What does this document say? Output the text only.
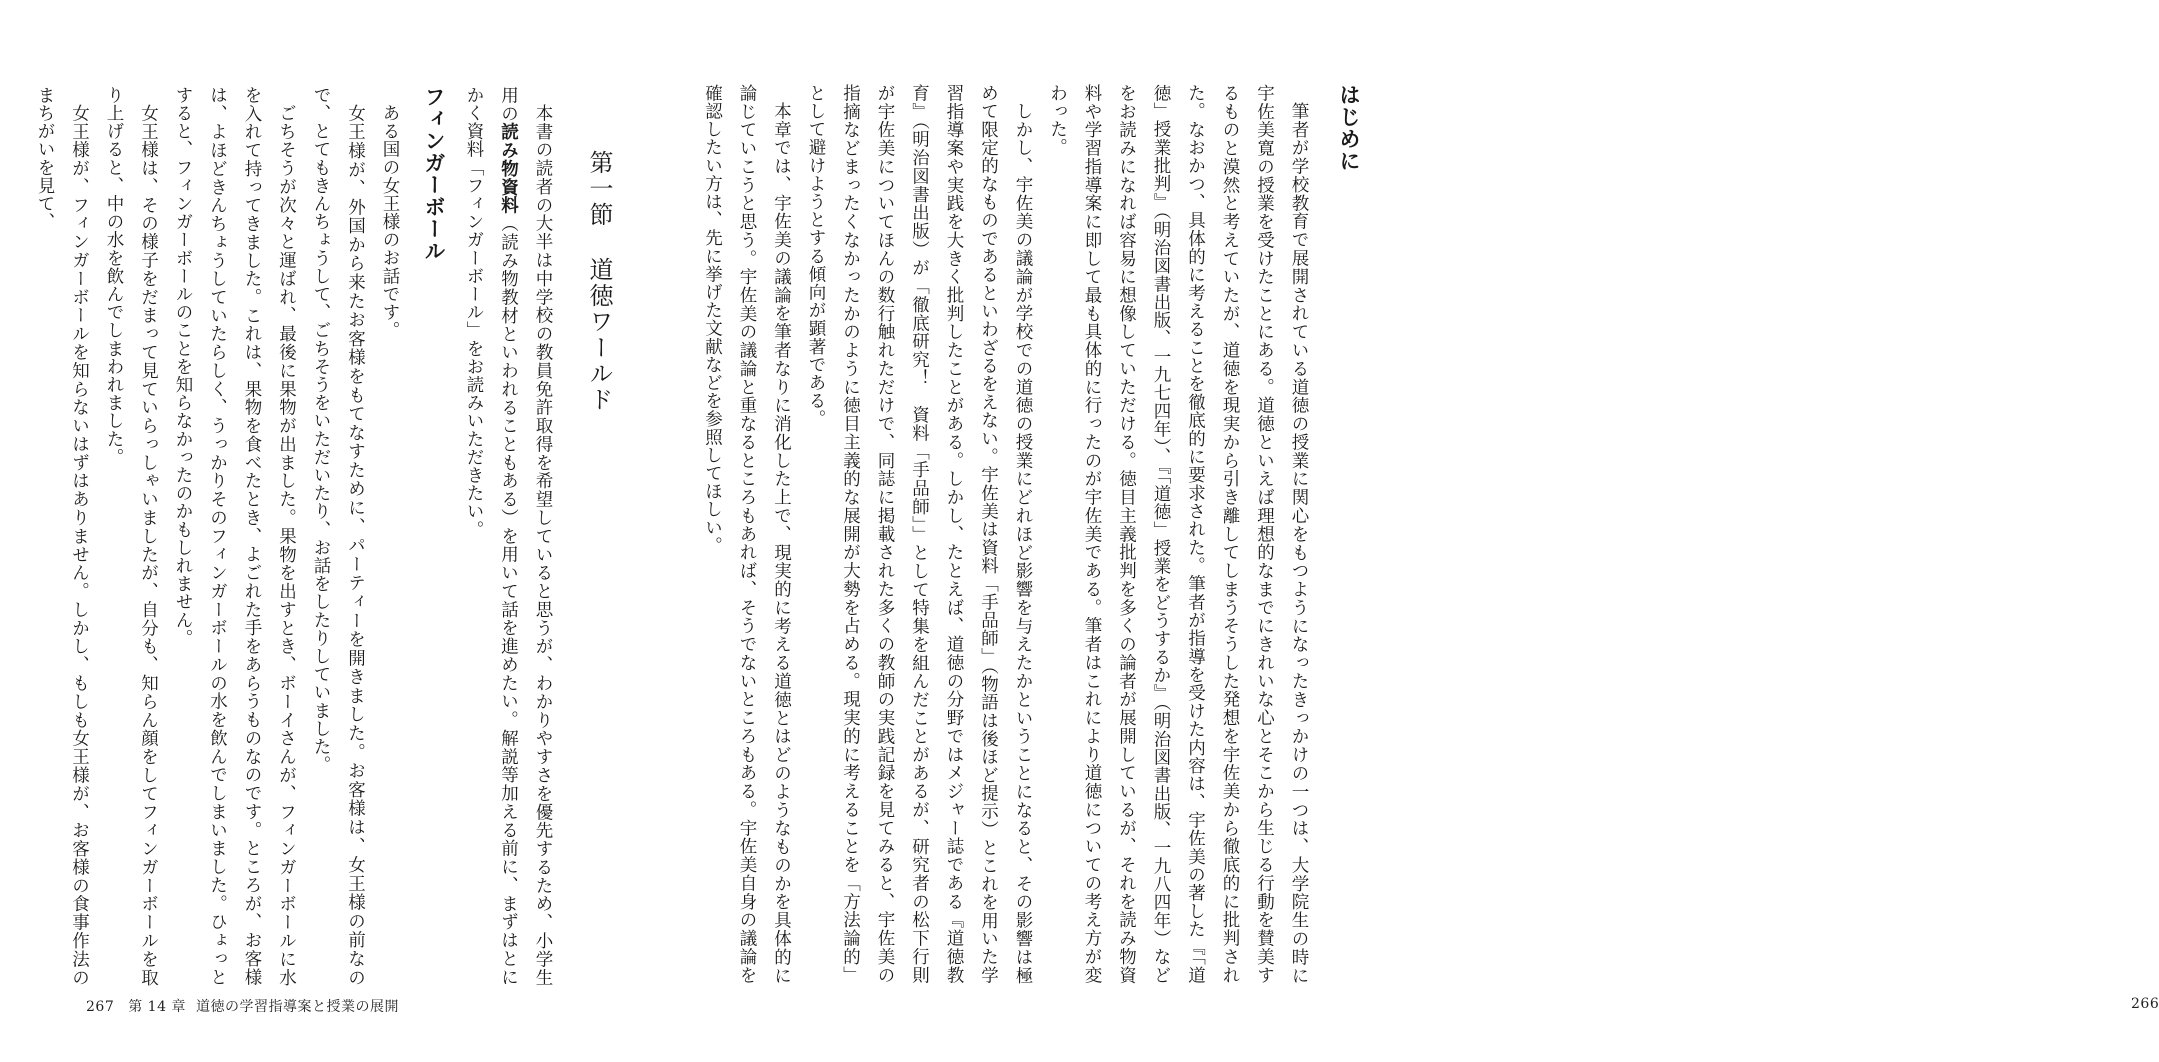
第一節道徳ワールド

本書の読者の大半は中学校の教員免許取得を希望していると思うが、わかりやすさを優先するため、小学生用の読み物資料（読み物教材といわれることもある）を用いて話を進めたい。解説等加える前に、まずはとにかく資料「フィンガーボール」をお読みいただきたい。

フィンガーボール

ある国の女王様のお話です。

女王様が、外国から来たお客様をもてなすために、パーティーを開きました。お客様は、女王様の前なので、とてもきんちょうして、ごちそうをいただいたり、お話をしたりしていました。

ごちそうが次々と運ばれ、最後に果物が出ました。果物を出すとき、ボーイさんが、フィンガーボールに水を入れて持ってきました。これは、果物を食べたとき、よごれた手をあらうものなのです。ところが、お客様は、よほどきんちょうしていたらしく、うっかりそのフィンガーボールの水を飲んでしまいました。ひょっとすると、フィンガーボールのことを知らなかったのかもしれません。

女王様は、その様子をだまって見ていらっしゃいましたが、自分も、知らん顔をしてフィンガーボールを取り上げると、中の水を飲んでしまわれました。

女王様が、フィンガーボールを知らないはずはありません。しかし、もしも女王様が、お客様の食事作法のまちがいを見て、

267 第 14 章 道徳の学習指導案と授業の展開
はじめに

筆者が学校教育で展開されている道徳の授業に関心をもつようになったきっかけの一つは、大学院生の時に宇佐美寛の授業を受けたことにある。道徳といえば理想的なまでにきれいな心とそこから生じる行動を賛美するものと漠然と考えていたが、道徳を現実から引き離してしまうそうした発想を宇佐美から徹底的に批判された。なおかつ、具体的に考えることを徹底的に要求された。筆者が指導を受けた内容は、宇佐美の著した『「道徳」授業批判』（明治図書出版、一九七四年）、『「道徳」授業をどうするか』（明治図書出版、一九八四年）などをお読みになれば容易に想像していただける。徳目主義批判を多くの論者が展開しているが、それを読み物資料や学習指導案に即して最も具体的に行ったのが宇佐美である。筆者はこれにより道徳についての考え方が変わった。

しかし、宇佐美の議論が学校での道徳の授業にどれほど影響を与えたかということになると、その影響は極めて限定的なものであるといわざるをえない。宇佐美は資料「手品師」（物語は後ほど提示）とこれを用いた学習指導案や実践を大きく批判したことがある。しかし、たとえば、道徳の分野ではメジャー誌である『道徳教育』（明治図書出版）が「徹底研究！　資料「手品師」」として特集を組んだことがあるが、研究者の松下行則が宇佐美についてほんの数行触れただけで、同誌に掲載された多くの教師の実践記録を見てみると、宇佐美の指摘などまったくなかったかのように徳目主義的な展開が大勢を占める。現実的に考えることを「方法論的」として避けようとする傾向が顕著である。

本章では、宇佐美の議論を筆者なりに消化した上で、現実的に考える道徳とはどのようなものかを具体的に論じていこうと思う。宇佐美の議論と重なるところもあれば、そうでないところもある。宇佐美自身の議論を確認したい方は、先に挙げた文献などを参照してほしい。

266
